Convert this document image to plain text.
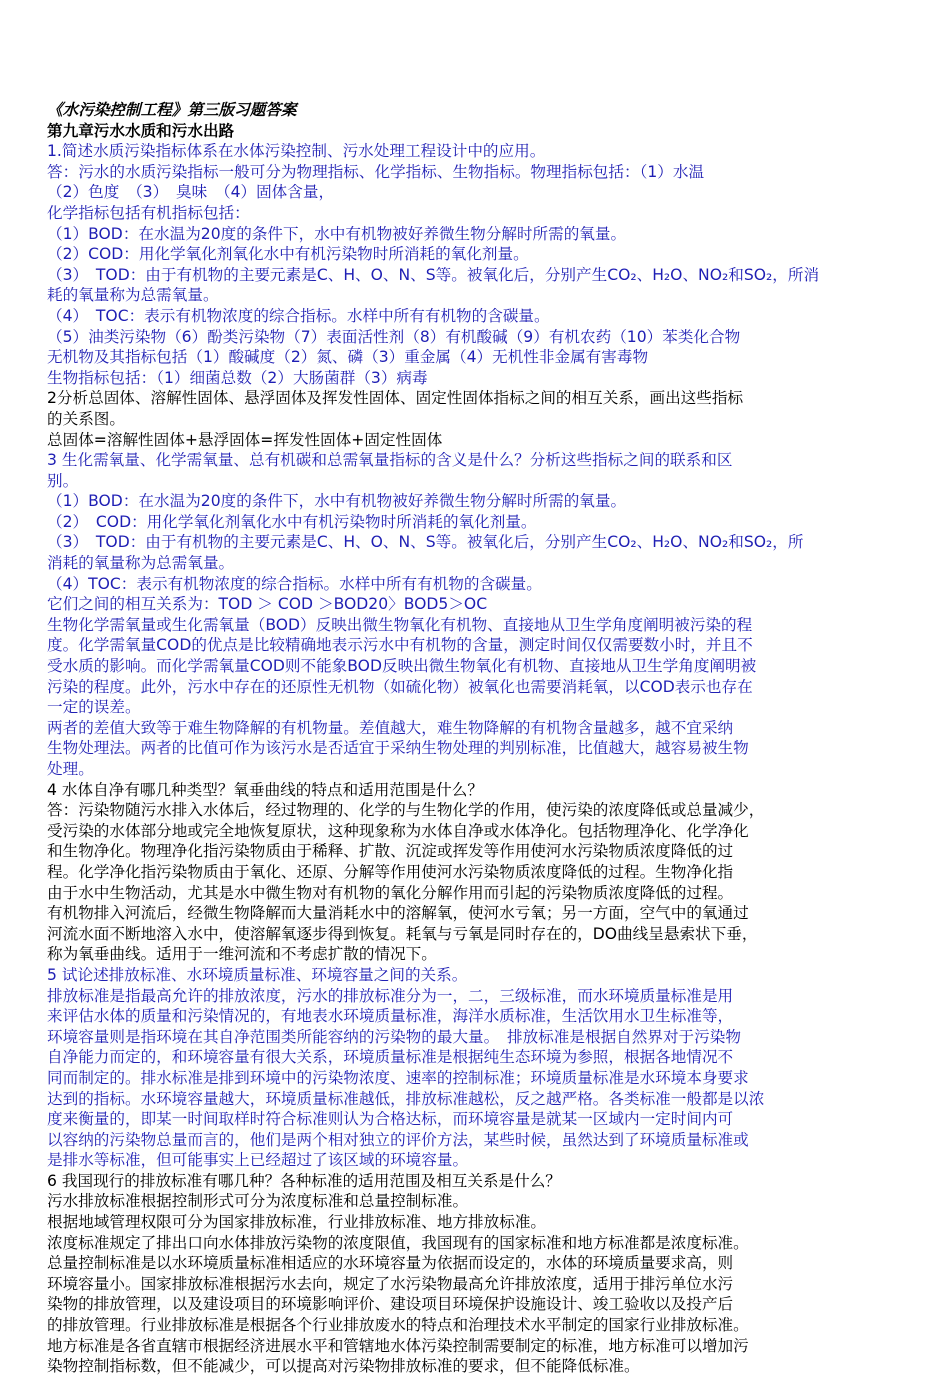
《水污染控制工程》第三版习题答案
第九章污水水质和污水出路
1.简述水质污染指标体系在水体污染控制、污水处理工程设计中的应用。
答：污水的水质污染指标一般可分为物理指标、化学指标、生物指标。物理指标包括：（1）水温
（2）色度　（3）　臭味　（4）固体含量，
化学指标包括有机指标包括：
（1）BOD：在水温为20度的条件下，水中有机物被好养微生物分解时所需的氧量。
（2）COD：用化学氧化剂氧化水中有机污染物时所消耗的氧化剂量。
（3）　TOD：由于有机物的主要元素是C、H、O、N、S等。被氧化后，分别产生CO₂、H₂O、NO₂和SO₂，所消
耗的氧量称为总需氧量。
（4）　TOC：表示有机物浓度的综合指标。水样中所有有机物的含碳量。
（5）油类污染物（6）酚类污染物（7）表面活性剂（8）有机酸碱（9）有机农药（10）苯类化合物
无机物及其指标包括（1）酸碱度（2）氮、磷（3）重金属（4）无机性非金属有害毒物
生物指标包括：（1）细菌总数（2）大肠菌群（3）病毒
2分析总固体、溶解性固体、悬浮固体及挥发性固体、固定性固体指标之间的相互关系，画出这些指标
的关系图。
总固体=溶解性固体+悬浮固体=挥发性固体+固定性固体
3 生化需氧量、化学需氧量、总有机碳和总需氧量指标的含义是什么？分析这些指标之间的联系和区
别。
（1）BOD：在水温为20度的条件下，水中有机物被好养微生物分解时所需的氧量。
（2）　COD：用化学氧化剂氧化水中有机污染物时所消耗的氧化剂量。
（3）　TOD：由于有机物的主要元素是C、H、O、N、S等。被氧化后，分别产生CO₂、H₂O、NO₂和SO₂，所
消耗的氧量称为总需氧量。
（4）TOC：表示有机物浓度的综合指标。水样中所有有机物的含碳量。
它们之间的相互关系为：TOD ＞ COD ＞BOD20〉BOD5＞OC
生物化学需氧量或生化需氧量（BOD）反映出微生物氧化有机物、直接地从卫生学角度阐明被污染的程
度。化学需氧量COD的优点是比较精确地表示污水中有机物的含量，测定时间仅仅需要数小时，并且不
受水质的影响。而化学需氧量COD则不能象BOD反映出微生物氧化有机物、直接地从卫生学角度阐明被
污染的程度。此外，污水中存在的还原性无机物（如硫化物）被氧化也需要消耗氧，以COD表示也存在
一定的误差。
两者的差值大致等于难生物降解的有机物量。差值越大，难生物降解的有机物含量越多，越不宜采纳
生物处理法。两者的比值可作为该污水是否适宜于采纳生物处理的判别标准，比值越大，越容易被生物
处理。
4 水体自净有哪几种类型？氧垂曲线的特点和适用范围是什么？
答：污染物随污水排入水体后，经过物理的、化学的与生物化学的作用，使污染的浓度降低或总量减少，
受污染的水体部分地或完全地恢复原状，这种现象称为水体自净或水体净化。包括物理净化、化学净化
和生物净化。物理净化指污染物质由于稀释、扩散、沉淀或挥发等作用使河水污染物质浓度降低的过
程。化学净化指污染物质由于氧化、还原、分解等作用使河水污染物质浓度降低的过程。生物净化指
由于水中生物活动，尤其是水中微生物对有机物的氧化分解作用而引起的污染物质浓度降低的过程。
有机物排入河流后，经微生物降解而大量消耗水中的溶解氧，使河水亏氧；另一方面，空气中的氧通过
河流水面不断地溶入水中，使溶解氧逐步得到恢复。耗氧与亏氧是同时存在的，DO曲线呈悬索状下垂，
称为氧垂曲线。适用于一维河流和不考虑扩散的情况下。
5 试论述排放标准、水环境质量标准、环境容量之间的关系。
排放标准是指最高允许的排放浓度，污水的排放标准分为一，二，三级标准，而水环境质量标准是用
来评估水体的质量和污染情况的，有地表水环境质量标准，海洋水质标准，生活饮用水卫生标准等，
环境容量则是指环境在其自净范围类所能容纳的污染物的最大量。　排放标准是根据自然界对于污染物
自净能力而定的，和环境容量有很大关系，环境质量标准是根据纯生态环境为参照，根据各地情况不
同而制定的。排水标准是排到环境中的污染物浓度、速率的控制标准；环境质量标准是水环境本身要求
达到的指标。水环境容量越大，环境质量标准越低，排放标准越松，反之越严格。各类标准一般都是以浓
度来衡量的，即某一时间取样时符合标准则认为合格达标，而环境容量是就某一区域内一定时间内可
以容纳的污染物总量而言的，他们是两个相对独立的评价方法，某些时候，虽然达到了环境质量标准或
是排水等标准，但可能事实上已经超过了该区域的环境容量。
6 我国现行的排放标准有哪几种？各种标准的适用范围及相互关系是什么？
污水排放标准根据控制形式可分为浓度标准和总量控制标准。
根据地域管理权限可分为国家排放标准，行业排放标准、地方排放标准。
浓度标准规定了排出口向水体排放污染物的浓度限值，我国现有的国家标准和地方标准都是浓度标准。
总量控制标准是以水环境质量标准相适应的水环境容量为依据而设定的，水体的环境质量要求高，则
环境容量小。国家排放标准根据污水去向，规定了水污染物最高允许排放浓度，适用于排污单位水污
染物的排放管理，以及建设项目的环境影响评价、建设项目环境保护设施设计、竣工验收以及投产后
的排放管理。行业排放标准是根据各个行业排放废水的特点和治理技术水平制定的国家行业排放标准。
地方标准是各省直辖市根据经济进展水平和管辖地水体污染控制需要制定的标准，地方标准可以增加污
染物控制指标数，但不能减少，可以提高对污染物排放标准的要求，但不能降低标准。
